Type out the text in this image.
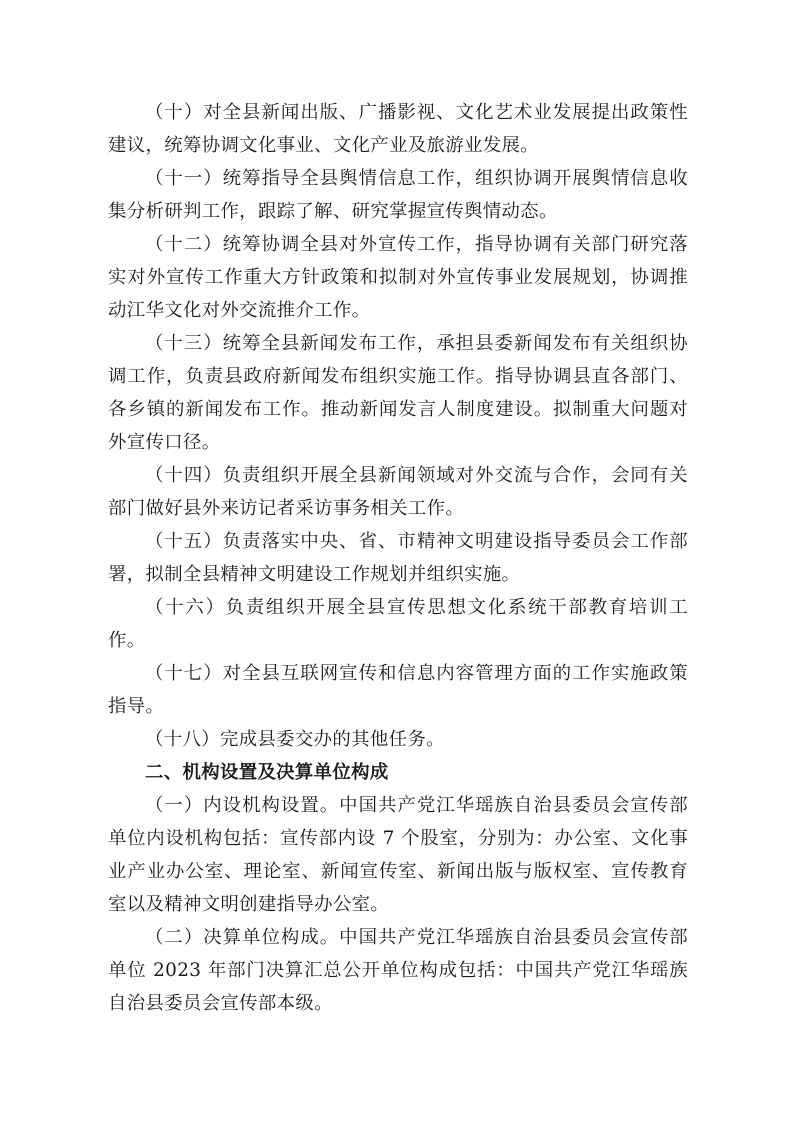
（十）对全县新闻出版、广播影视、文化艺术业发展提出政策性建议，统筹协调文化事业、文化产业及旅游业发展。

（十一）统筹指导全县舆情信息工作，组织协调开展舆情信息收集分析研判工作，跟踪了解、研究掌握宣传舆情动态。

（十二）统筹协调全县对外宣传工作，指导协调有关部门研究落实对外宣传工作重大方针政策和拟制对外宣传事业发展规划，协调推动江华文化对外交流推介工作。

（十三）统筹全县新闻发布工作，承担县委新闻发布有关组织协调工作，负责县政府新闻发布组织实施工作。指导协调县直各部门、各乡镇的新闻发布工作。推动新闻发言人制度建设。拟制重大问题对外宣传口径。

（十四）负责组织开展全县新闻领域对外交流与合作，会同有关部门做好县外来访记者采访事务相关工作。

（十五）负责落实中央、省、市精神文明建设指导委员会工作部署，拟制全县精神文明建设工作规划并组织实施。

（十六）负责组织开展全县宣传思想文化系统干部教育培训工作。

（十七）对全县互联网宣传和信息内容管理方面的工作实施政策指导。

（十八）完成县委交办的其他任务。

二、机构设置及决算单位构成

（一）内设机构设置。中国共产党江华瑶族自治县委员会宣传部单位内设机构包括：宣传部内设 7 个股室，分别为：办公室、文化事业产业办公室、理论室、新闻宣传室、新闻出版与版权室、宣传教育室以及精神文明创建指导办公室。

（二）决算单位构成。中国共产党江华瑶族自治县委员会宣传部单位 2023 年部门决算汇总公开单位构成包括：中国共产党江华瑶族自治县委员会宣传部本级。
